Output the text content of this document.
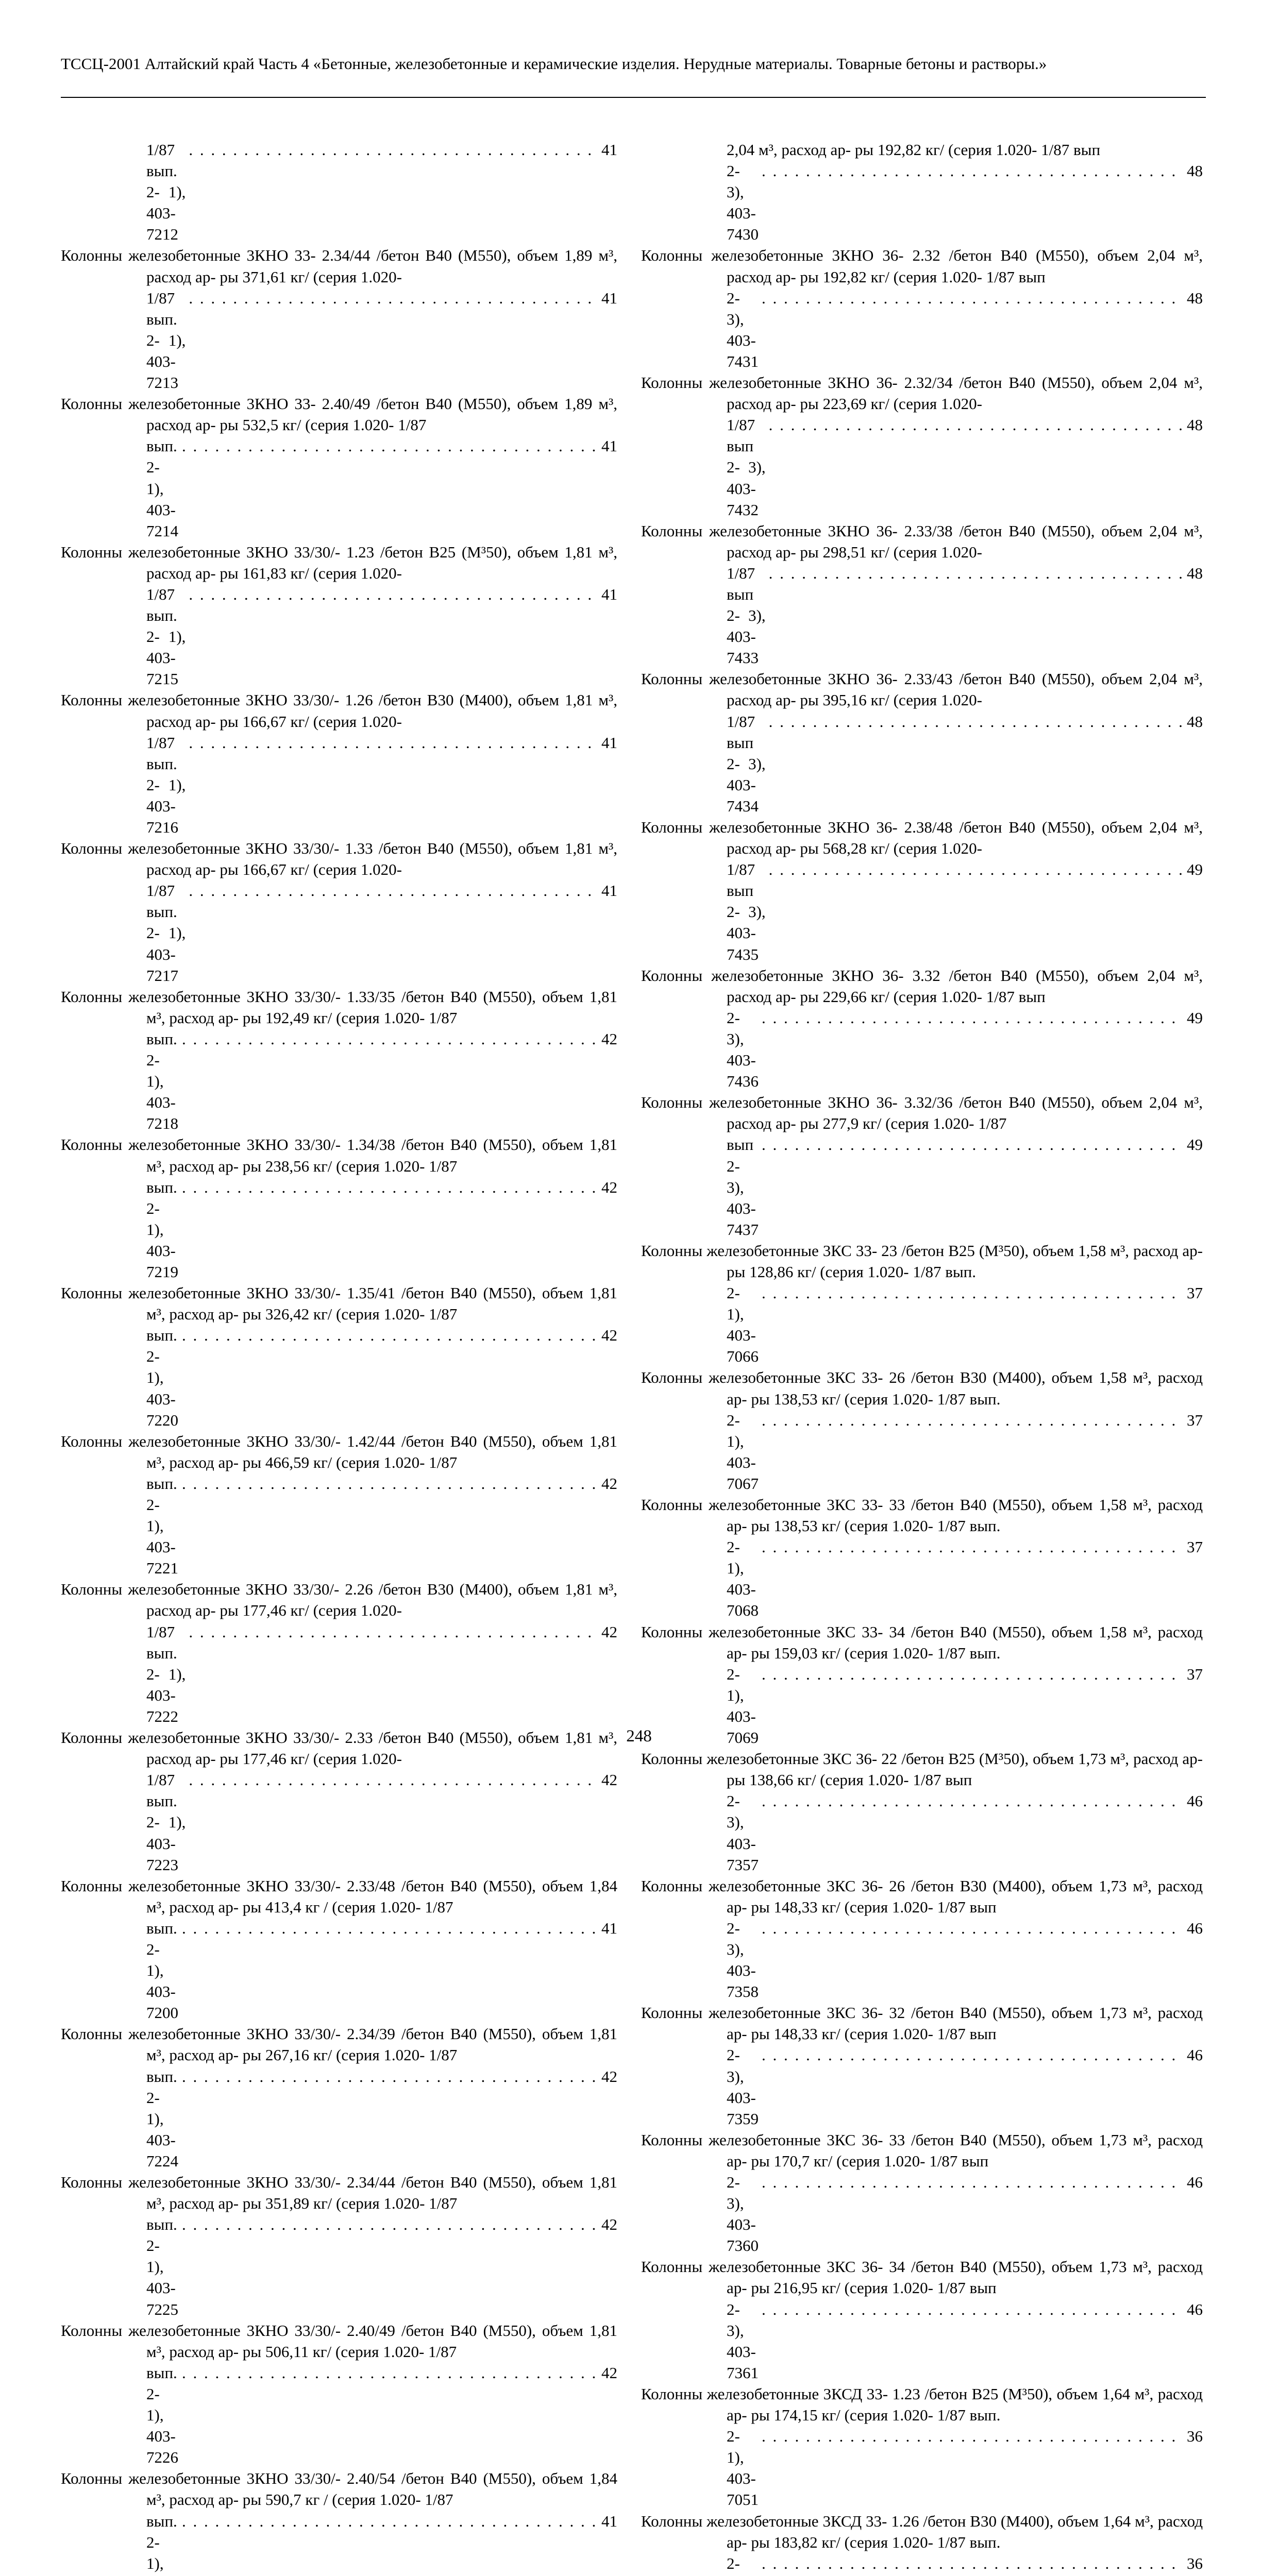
ТССЦ-2001 Алтайский край Часть 4 «Бетонные, железобетонные и керамические изделия. Нерудные материалы. Товарные бетоны и растворы.»
1/87 вып. 2- 1), 403- 7212
. . .
41
Колонны железобетонные 3КНО 33- 2.34/44 /бетон В40 (М550), объем 1,89 м³, расход ар- ры 371,61 кг/ (серия 1.020-
1/87 вып. 2- 1), 403- 7213
. . .
41
Колонны железобетонные 3КНО 33- 2.40/49 /бетон В40 (М550), объем 1,89 м³, расход ар- ры 532,5 кг/ (серия 1.020- 1/87
вып. 2- 1), 403- 7214
. . .
41
Колонны железобетонные 3КНО 33/30/- 1.23 /бетон В25 (М³50), объем 1,81 м³, расход ар- ры 161,83 кг/ (серия 1.020-
1/87 вып. 2- 1), 403- 7215
. . .
41
Колонны железобетонные 3КНО 33/30/- 1.26 /бетон В30 (М400), объем 1,81 м³, расход ар- ры 166,67 кг/ (серия 1.020-
1/87 вып. 2- 1), 403- 7216
. . .
41
Колонны железобетонные 3КНО 33/30/- 1.33 /бетон В40 (М550), объем 1,81 м³, расход ар- ры 166,67 кг/ (серия 1.020-
1/87 вып. 2- 1), 403- 7217
. . .
41
Колонны железобетонные 3КНО 33/30/- 1.33/35 /бетон В40 (М550), объем 1,81 м³, расход ар- ры 192,49 кг/ (серия 1.020- 1/87
вып. 2- 1), 403- 7218
. . .
42
Колонны железобетонные 3КНО 33/30/- 1.34/38 /бетон В40 (М550), объем 1,81 м³, расход ар- ры 238,56 кг/ (серия 1.020- 1/87
вып. 2- 1), 403- 7219
. . .
42
Колонны железобетонные 3КНО 33/30/- 1.35/41 /бетон В40 (М550), объем 1,81 м³, расход ар- ры 326,42 кг/ (серия 1.020- 1/87
вып. 2- 1), 403- 7220
. . .
42
Колонны железобетонные 3КНО 33/30/- 1.42/44 /бетон В40 (М550), объем 1,81 м³, расход ар- ры 466,59 кг/ (серия 1.020- 1/87
вып. 2- 1), 403- 7221
. . .
42
Колонны железобетонные 3КНО 33/30/- 2.26 /бетон В30 (М400), объем 1,81 м³, расход ар- ры 177,46 кг/ (серия 1.020-
1/87 вып. 2- 1), 403- 7222
. . .
42
Колонны железобетонные 3КНО 33/30/- 2.33 /бетон В40 (М550), объем 1,81 м³, расход ар- ры 177,46 кг/ (серия 1.020-
1/87 вып. 2- 1), 403- 7223
. . .
42
Колонны железобетонные 3КНО 33/30/- 2.33/48 /бетон В40 (М550), объем 1,84 м³, расход ар- ры 413,4 кг / (серия 1.020- 1/87
вып. 2- 1), 403- 7200
. . .
41
Колонны железобетонные 3КНО 33/30/- 2.34/39 /бетон В40 (М550), объем 1,81 м³, расход ар- ры 267,16 кг/ (серия 1.020- 1/87
вып. 2- 1), 403- 7224
. . .
42
Колонны железобетонные 3КНО 33/30/- 2.34/44 /бетон В40 (М550), объем 1,81 м³, расход ар- ры 351,89 кг/ (серия 1.020- 1/87
вып. 2- 1), 403- 7225
. . .
42
Колонны железобетонные 3КНО 33/30/- 2.40/49 /бетон В40 (М550), объем 1,81 м³, расход ар- ры 506,11 кг/ (серия 1.020- 1/87
вып. 2- 1), 403- 7226
. . .
42
Колонны железобетонные 3КНО 33/30/- 2.40/54 /бетон В40 (М550), объем 1,84 м³, расход ар- ры 590,7 кг / (серия 1.020- 1/87
вып. 2- 1),
. . .
41
2,04 м³, расход ар- ры 192,82 кг/ (серия 1.020- 1/87 вып
2- 3), 403- 7430
. . .
48
Колонны железобетонные 3КНО 36- 2.32 /бетон В40 (М550), объем 2,04 м³, расход ар- ры 192,82 кг/ (серия 1.020- 1/87 вып
2- 3), 403- 7431
. . .
48
Колонны железобетонные 3КНО 36- 2.32/34 /бетон В40 (М550), объем 2,04 м³, расход ар- ры 223,69 кг/ (серия 1.020-
1/87 вып 2- 3), 403- 7432
. . .
48
Колонны железобетонные 3КНО 36- 2.33/38 /бетон В40 (М550), объем 2,04 м³, расход ар- ры 298,51 кг/ (серия 1.020-
1/87 вып 2- 3), 403- 7433
. . .
48
Колонны железобетонные 3КНО 36- 2.33/43 /бетон В40 (М550), объем 2,04 м³, расход ар- ры 395,16 кг/ (серия 1.020-
1/87 вып 2- 3), 403- 7434
. . .
48
Колонны железобетонные 3КНО 36- 2.38/48 /бетон В40 (М550), объем 2,04 м³, расход ар- ры 568,28 кг/ (серия 1.020-
1/87 вып 2- 3), 403- 7435
. . .
49
Колонны железобетонные 3КНО 36- 3.32 /бетон В40 (М550), объем 2,04 м³, расход ар- ры 229,66 кг/ (серия 1.020- 1/87 вып
2- 3), 403- 7436
. . .
49
Колонны железобетонные 3КНО 36- 3.32/36 /бетон В40 (М550), объем 2,04 м³, расход ар- ры 277,9 кг/ (серия 1.020- 1/87
вып 2- 3), 403- 7437
. . .
49
Колонны железобетонные 3КС 33- 23 /бетон В25 (М³50), объем 1,58 м³, расход ар- ры 128,86 кг/ (серия 1.020- 1/87 вып.
2- 1), 403- 7066
. . .
37
Колонны железобетонные 3КС 33- 26 /бетон В30 (М400), объем 1,58 м³, расход ар- ры 138,53 кг/ (серия 1.020- 1/87 вып.
2- 1), 403- 7067
. . .
37
Колонны железобетонные 3КС 33- 33 /бетон В40 (М550), объем 1,58 м³, расход ар- ры 138,53 кг/ (серия 1.020- 1/87 вып.
2- 1), 403- 7068
. . .
37
Колонны железобетонные 3КС 33- 34 /бетон В40 (М550), объем 1,58 м³, расход ар- ры 159,03 кг/ (серия 1.020- 1/87 вып.
2- 1), 403- 7069
. . .
37
Колонны железобетонные 3КС 36- 22 /бетон В25 (М³50), объем 1,73 м³, расход ар- ры 138,66 кг/ (серия 1.020- 1/87 вып
2- 3), 403- 7357
. . .
46
Колонны железобетонные 3КС 36- 26 /бетон В30 (М400), объем 1,73 м³, расход ар- ры 148,33 кг/ (серия 1.020- 1/87 вып
2- 3), 403- 7358
. . .
46
Колонны железобетонные 3КС 36- 32 /бетон В40 (М550), объем 1,73 м³, расход ар- ры 148,33 кг/ (серия 1.020- 1/87 вып
2- 3), 403- 7359
. . .
46
Колонны железобетонные 3КС 36- 33 /бетон В40 (М550), объем 1,73 м³, расход ар- ры 170,7 кг/ (серия 1.020- 1/87 вып
2- 3), 403- 7360
. . .
46
Колонны железобетонные 3КС 36- 34 /бетон В40 (М550), объем 1,73 м³, расход ар- ры 216,95 кг/ (серия 1.020- 1/87 вып
2- 3), 403- 7361
. . .
46
Колонны железобетонные 3КСД 33- 1.23 /бетон В25 (М³50), объем 1,64 м³, расход ар- ры 174,15 кг/ (серия 1.020- 1/87 вып.
2- 1), 403- 7051
. . .
36
Колонны железобетонные 3КСД 33- 1.26 /бетон В30 (М400), объем 1,64 м³, расход ар- ры 183,82 кг/ (серия 1.020- 1/87 вып.
2-
. . .	36
248
